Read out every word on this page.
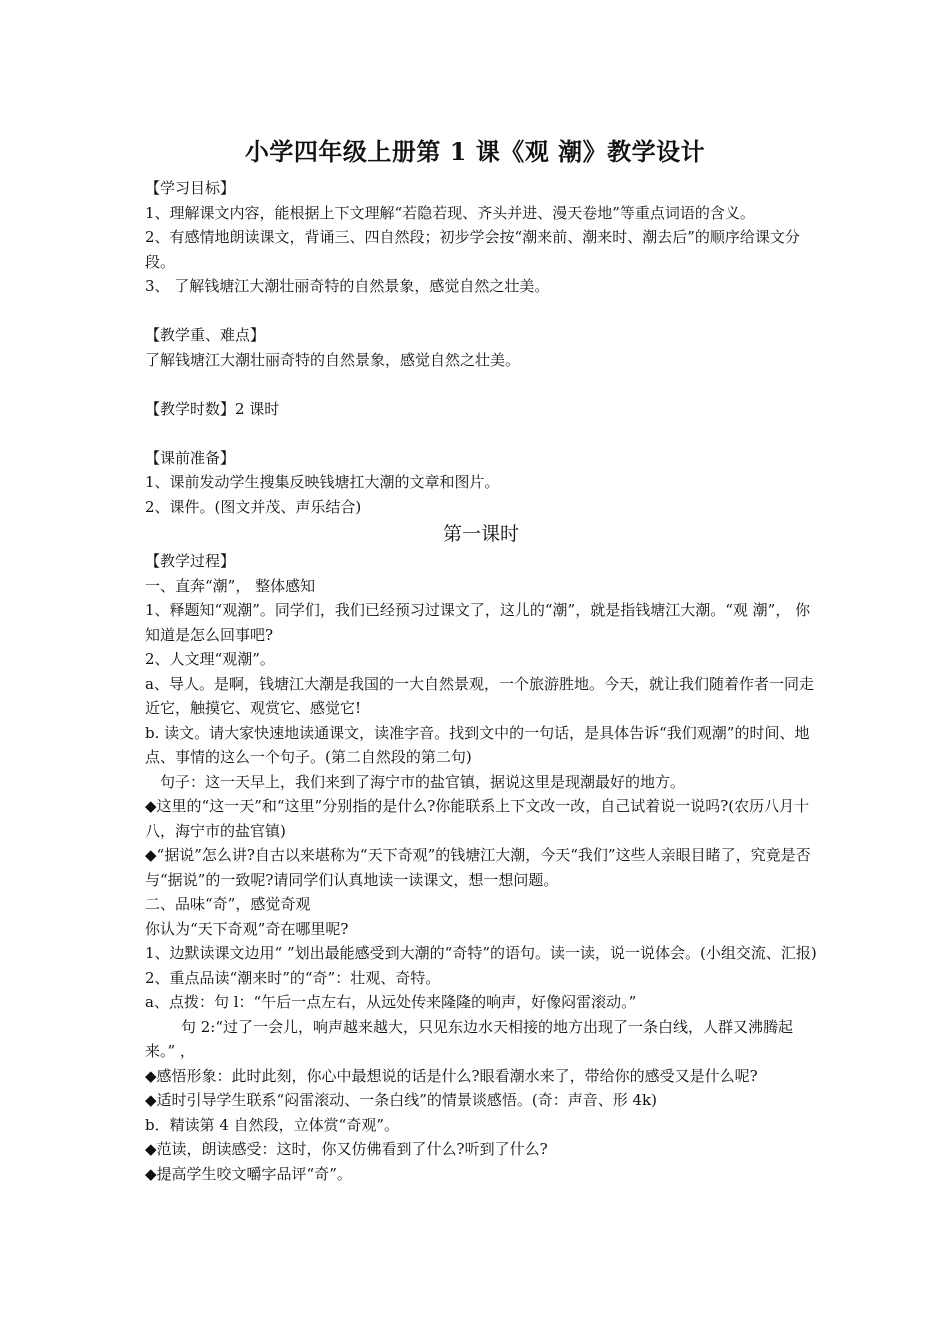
小学四年级上册第 1 课《观 潮》教学设计

【学习目标】

1、理解课文内容，能根据上下文理解“若隐若现、齐头并进、漫天卷地”等重点词语的含义。

2、有感情地朗读课文，背诵三、四自然段；初步学会按“潮来前、潮来时、潮去后”的顺序给课文分段。

3、 了解钱塘江大潮壮丽奇特的自然景象，感觉自然之壮美。

【教学重、难点】

了解钱塘江大潮壮丽奇特的自然景象，感觉自然之壮美。

【教学时数】2 课时

【课前准备】

1、课前发动学生搜集反映钱塘扛大潮的文章和图片。

2、课件。(图文并茂、声乐结合)

第一课时

【教学过程】

一、直奔“潮”， 整体感知

1、释题知“观潮”。同学们，我们已经预习过课文了，这儿的“潮”，就是指钱塘江大潮。“观 潮”， 你知道是怎么回事吧?

2、人文理“观潮”。

a、导人。是啊，钱塘江大潮是我国的一大自然景观，一个旅游胜地。今天，就让我们随着作者一同走近它，触摸它、观赏它、感觉它!

b. 读文。请大家快速地读通课文，读准字音。找到文中的一句话，是具体告诉“我们观潮”的时间、地点、事情的这么一个句子。(第二自然段的第二句)

句子：这一天早上，我们来到了海宁市的盐官镇，据说这里是现潮最好的地方。

◆这里的“这一天”和“这里”分别指的是什么?你能联系上下文改一改，自己试着说一说吗?(农历八月十八，海宁市的盐官镇)

◆“据说”怎么讲?自古以来堪称为“天下奇观”的钱塘江大潮，今天“我们”这些人亲眼目睹了，究竟是否与“据说”的一致呢?请同学们认真地读一读课文，想一想问题。

二、品味“奇”，感觉奇观

你认为“天下奇观”奇在哪里呢?

1、边默读课文边用“ ”划出最能感受到大潮的“奇特”的语句。读一读，说一说体会。(小组交流、汇报)

2、重点品读“潮来时”的“奇”：壮观、奇特。

a、点拨：句 l：“午后一点左右，从远处传来隆隆的响声，好像闷雷滚动。”

句 2:“过了一会儿，响声越来越大，只见东边水天相接的地方出现了一条白线，人群又沸腾起来。” ，

◆感悟形象：此时此刻，你心中最想说的话是什么?眼看潮水来了，带给你的感受又是什么呢?

◆适时引导学生联系“闷雷滚动、一条白线”的情景谈感悟。(奇：声音、形 4k)

b．精读第 4 自然段，立体赏“奇观”。

◆范读，朗读感受：这时，你又仿佛看到了什么?听到了什么?

◆提高学生咬文嚼字品评“奇”。
